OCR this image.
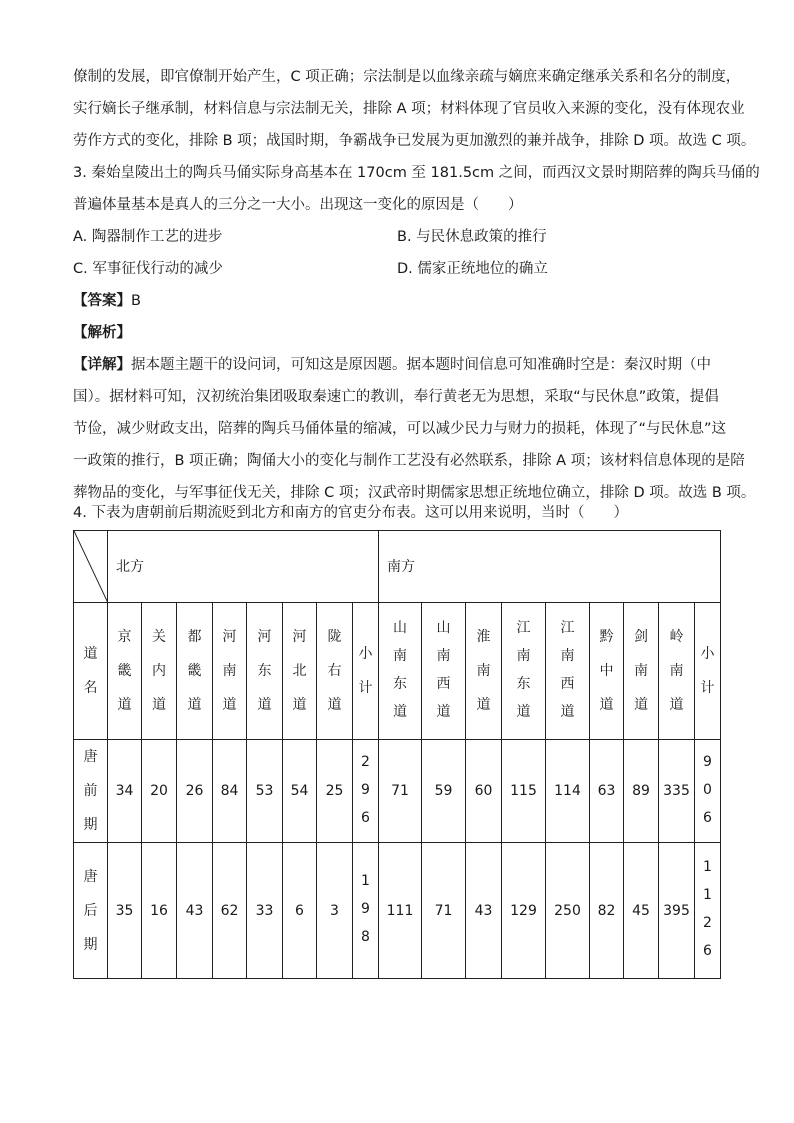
僚制的发展，即官僚制开始产生，C 项正确；宗法制是以血缘亲疏与嫡庶来确定继承关系和名分的制度，
实行嫡长子继承制，材料信息与宗法制无关，排除 A 项；材料体现了官员收入来源的变化，没有体现农业
劳作方式的变化，排除 B 项；战国时期，争霸战争已发展为更加激烈的兼并战争，排除 D 项。故选 C 项。
3. 秦始皇陵出土的陶兵马俑实际身高基本在 170cm 至 181.5cm 之间，而西汉文景时期陪葬的陶兵马俑的
普遍体量基本是真人的三分之一大小。出现这一变化的原因是（　　）
A. 陶器制作工艺的进步	B. 与民休息政策的推行
C. 军事征伐行动的减少	D. 儒家正统地位的确立
【答案】B
【解析】
【详解】据本题主题干的设问词，可知这是原因题。据本题时间信息可知准确时空是：秦汉时期（中
国）。据材料可知，汉初统治集团吸取秦速亡的教训，奉行黄老无为思想，采取“与民休息”政策，提倡
节俭，减少财政支出，陪葬的陶兵马俑体量的缩减，可以减少民力与财力的损耗，体现了“与民休息”这
一政策的推行，B 项正确；陶俑大小的变化与制作工艺没有必然联系，排除 A 项；该材料信息体现的是陪
葬物品的变化，与军事征伐无关，排除 C 项；汉武帝时期儒家思想正统地位确立，排除 D 项。故选 B 项。
4. 下表为唐朝前后期流贬到北方和南方的官吏分布表。这可以用来说明，当时（　　）
	北方								南方								
道名	京畿道	关内道	都畿道	河南道	河东道	河北道	陇右道	小计	山南东道	山南西道	淮南道	江南东道	江南西道	黔中道	剑南道	岭南道	小计
唐前期	34	20	26	84	53	54	25	296	71	59	60	115	114	63	89	335	906
唐后期	35	16	43	62	33	6	3	198	111	71	43	129	250	82	45	395	1126
